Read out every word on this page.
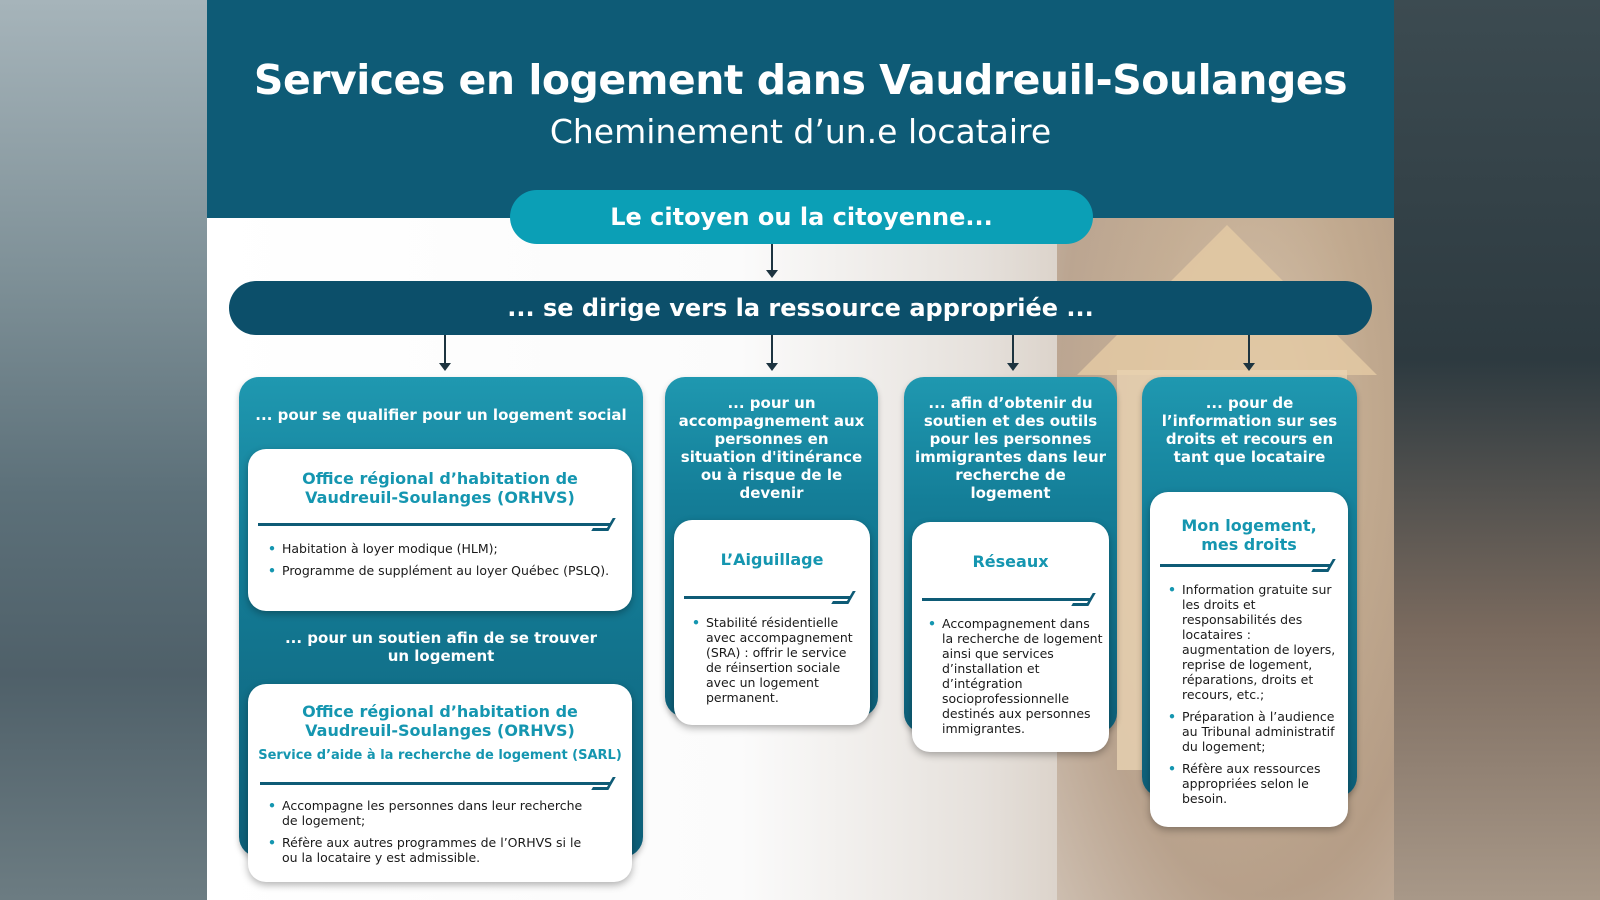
Services en logement dans Vaudreuil-Soulanges
Cheminement d’un.e locataire
Le citoyen ou la citoyenne...
... se dirige vers la ressource appropriée ...
... pour se qualifier pour un logement social
Office régional d’habitation de Vaudreuil-Soulanges (ORHVS)
• Habitation à loyer modique (HLM);
• Programme de supplément au loyer Québec (PSLQ).
... pour un soutien afin de se trouver un logement
Office régional d’habitation de Vaudreuil-Soulanges (ORHVS)
Service d’aide à la recherche de logement (SARL)
• Accompagne les personnes dans leur recherche de logement;
• Réfère aux autres programmes de l’ORHVS si le ou la locataire y est admissible.
... pour un accompagnement aux personnes en situation d'itinérance ou à risque de le devenir
L’Aiguillage
• Stabilité résidentielle avec accompagnement (SRA) : offrir le service de réinsertion sociale avec un logement permanent.
... afin d’obtenir du soutien et des outils pour les personnes immigrantes dans leur recherche de logement
Réseaux
• Accompagnement dans la recherche de logement ainsi que services d’installation et d’intégration socioprofessionnelle destinés aux personnes immigrantes.
... pour de l’information sur ses droits et recours en tant que locataire
Mon logement, mes droits
• Information gratuite sur les droits et responsabilités des locataires : augmentation de loyers, reprise de logement, réparations, droits et recours, etc.;
• Préparation à l’audience au Tribunal administratif du logement;
• Réfère aux ressources appropriées selon le besoin.
